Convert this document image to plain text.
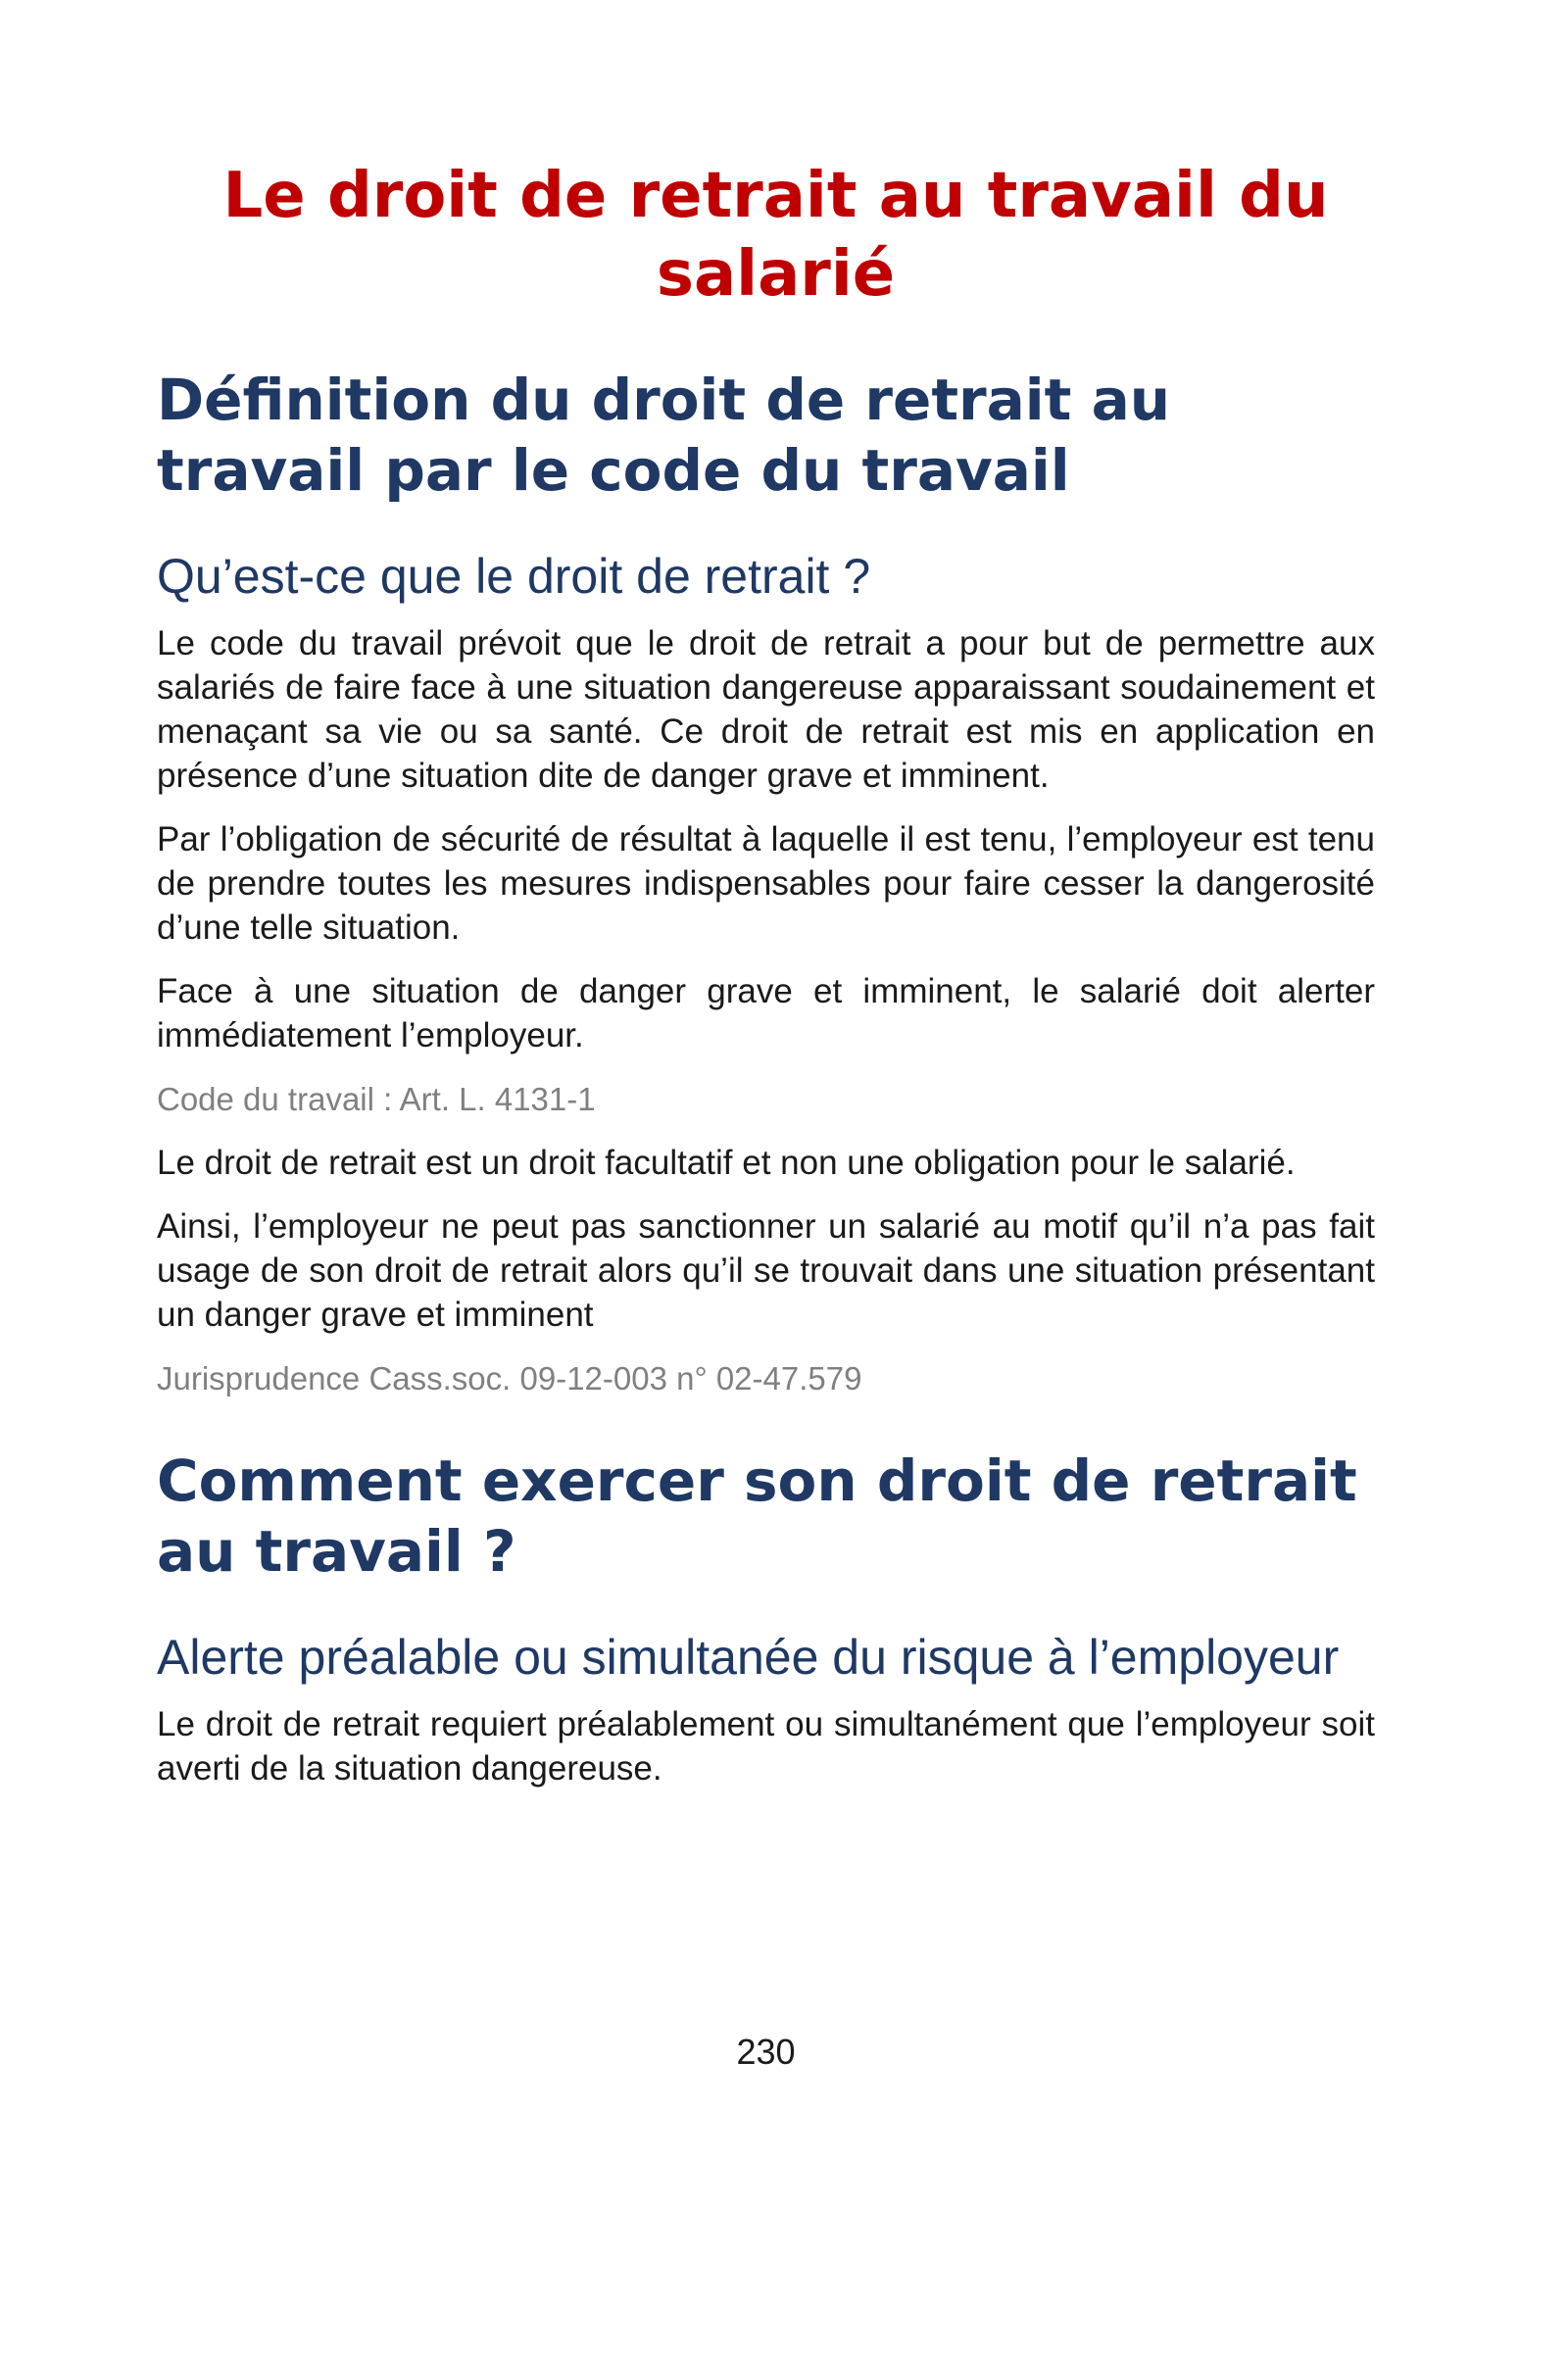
Le droit de retrait au travail du salarié
Définition du droit de retrait au travail par le code du travail
Qu’est-ce que le droit de retrait ?

Le code du travail prévoit que le droit de retrait a pour but de permettre aux salariés de faire face à une situation dangereuse apparaissant soudainement et menaçant sa vie ou sa santé. Ce droit de retrait est mis en application en présence d’une situation dite de danger grave et imminent.

Par l’obligation de sécurité de résultat à laquelle il est tenu, l’employeur est tenu de prendre toutes les mesures indispensables pour faire cesser la dangerosité d’une telle situation.

Face à une situation de danger grave et imminent, le salarié doit alerter immédiatement l’employeur.

Code du travail : Art. L. 4131-1

Le droit de retrait est un droit facultatif et non une obligation pour le salarié.

Ainsi, l’employeur ne peut pas sanctionner un salarié au motif qu’il n’a pas fait usage de son droit de retrait alors qu’il se trouvait dans une situation présentant un danger grave et imminent

Jurisprudence Cass.soc. 09-12-003 n° 02-47.579

Comment exercer son droit de retrait au travail ?
Alerte préalable ou simultanée du risque à l’employeur

Le droit de retrait requiert préalablement ou simultanément que l’employeur soit averti de la situation dangereuse.

230
